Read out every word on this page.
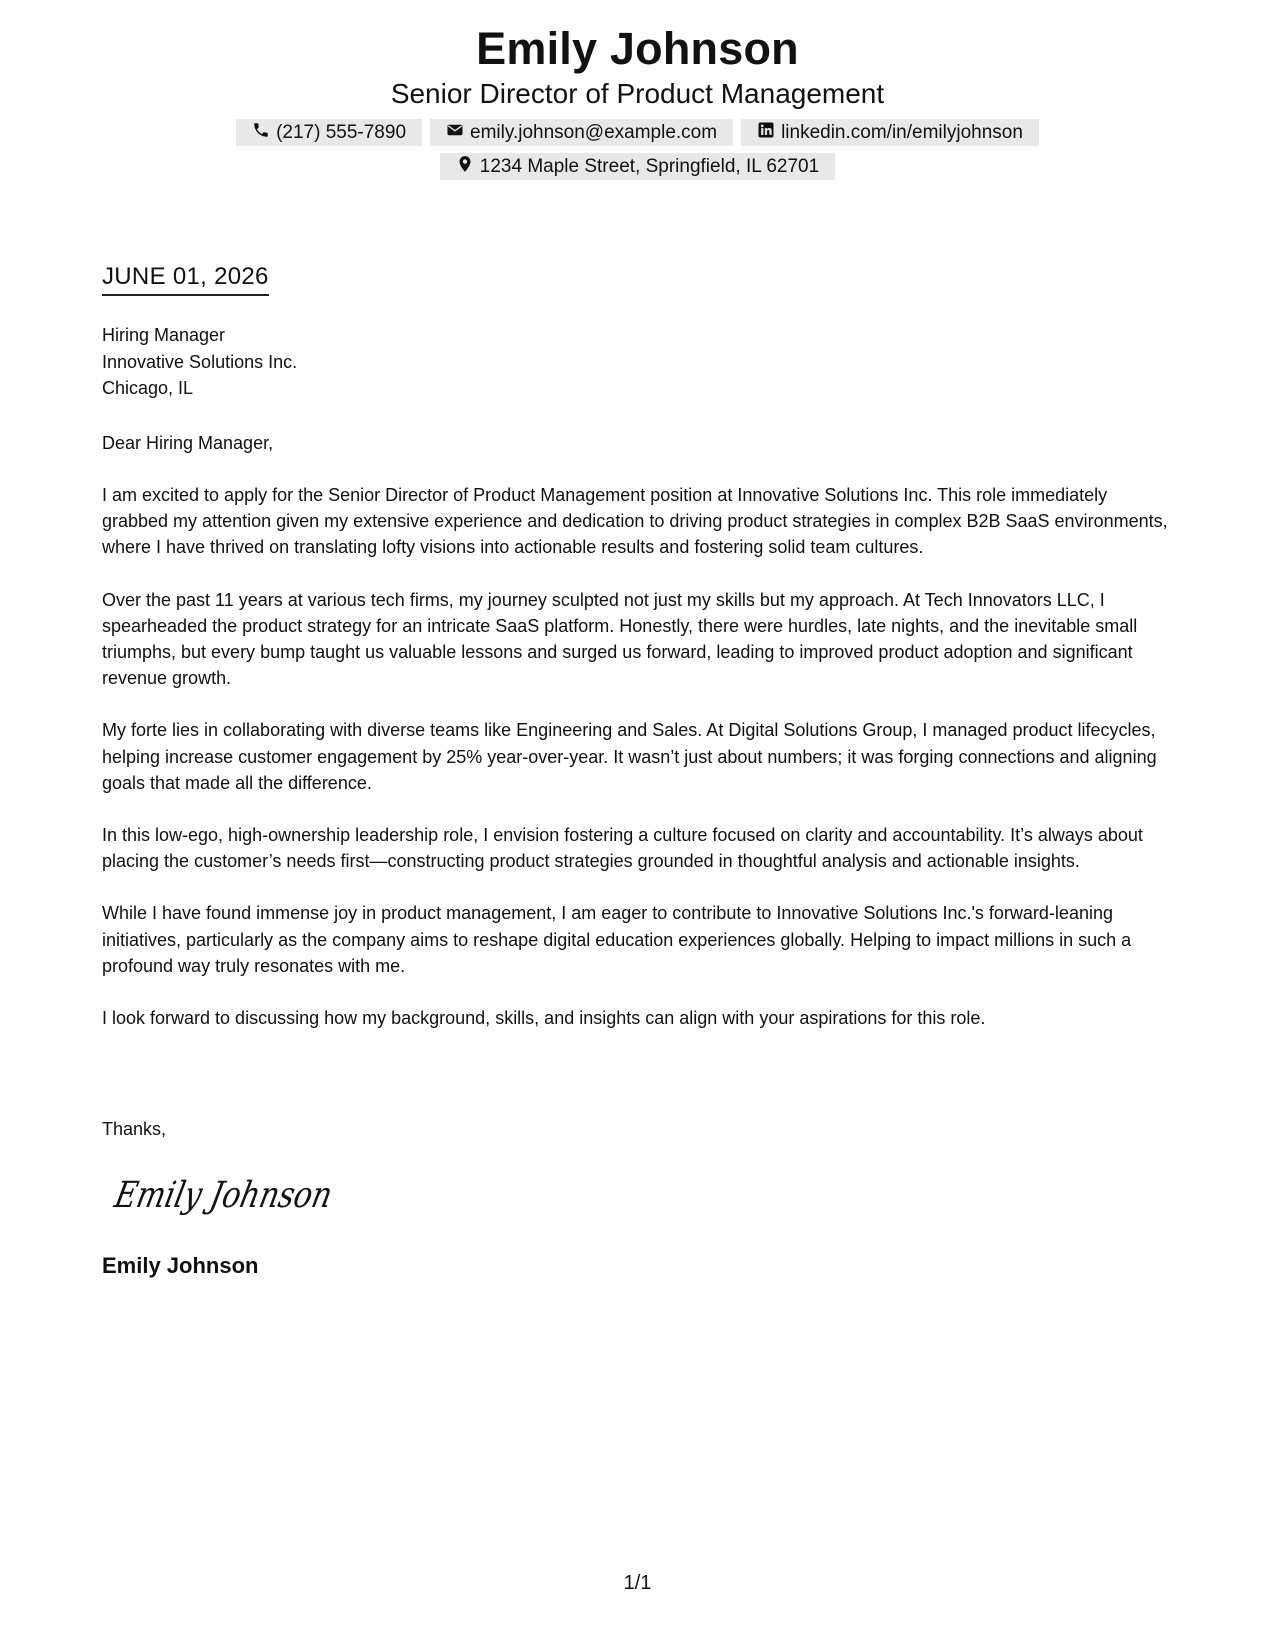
Emily Johnson
Senior Director of Product Management
(217) 555-7890	emily.johnson@example.com	linkedin.com/in/emilyjohnson
1234 Maple Street, Springfield, IL 62701
JUNE 01, 2026
Hiring Manager
Innovative Solutions Inc.
Chicago, IL
Dear Hiring Manager,

I am excited to apply for the Senior Director of Product Management position at Innovative Solutions Inc. This role immediately grabbed my attention given my extensive experience and dedication to driving product strategies in complex B2B SaaS environments, where I have thrived on translating lofty visions into actionable results and fostering solid team cultures.

Over the past 11 years at various tech firms, my journey sculpted not just my skills but my approach. At Tech Innovators LLC, I spearheaded the product strategy for an intricate SaaS platform. Honestly, there were hurdles, late nights, and the inevitable small triumphs, but every bump taught us valuable lessons and surged us forward, leading to improved product adoption and significant revenue growth.

My forte lies in collaborating with diverse teams like Engineering and Sales. At Digital Solutions Group, I managed product lifecycles, helping increase customer engagement by 25% year-over-year. It wasn’t just about numbers; it was forging connections and aligning goals that made all the difference.

In this low-ego, high-ownership leadership role, I envision fostering a culture focused on clarity and accountability. It’s always about placing the customer’s needs first—constructing product strategies grounded in thoughtful analysis and actionable insights.

While I have found immense joy in product management, I am eager to contribute to Innovative Solutions Inc.'s forward-leaning initiatives, particularly as the company aims to reshape digital education experiences globally. Helping to impact millions in such a profound way truly resonates with me.

I look forward to discussing how my background, skills, and insights can align with your aspirations for this role.

Thanks,
Emily Johnson
Emily Johnson
1/1
